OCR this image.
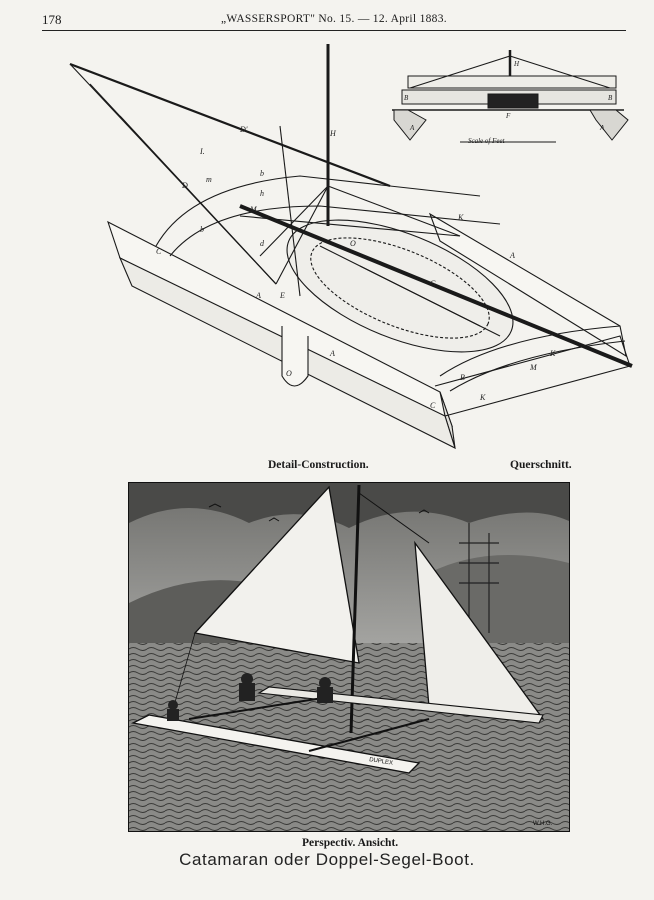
178	„WASSERSPORT" No. 15. — 12. April 1883.
H
D'
I.
m
D
b
h
M
b
d	O
G
K
A
A
O
K
M
B
K
C
A E
C
H
B	B
A	A
F
Scale of Feet
Detail-Construction.	Querschnitt.
DUPLEX
W.H.G.
Perspectiv. Ansicht.
Catamaran oder Doppel-Segel-Boot.
